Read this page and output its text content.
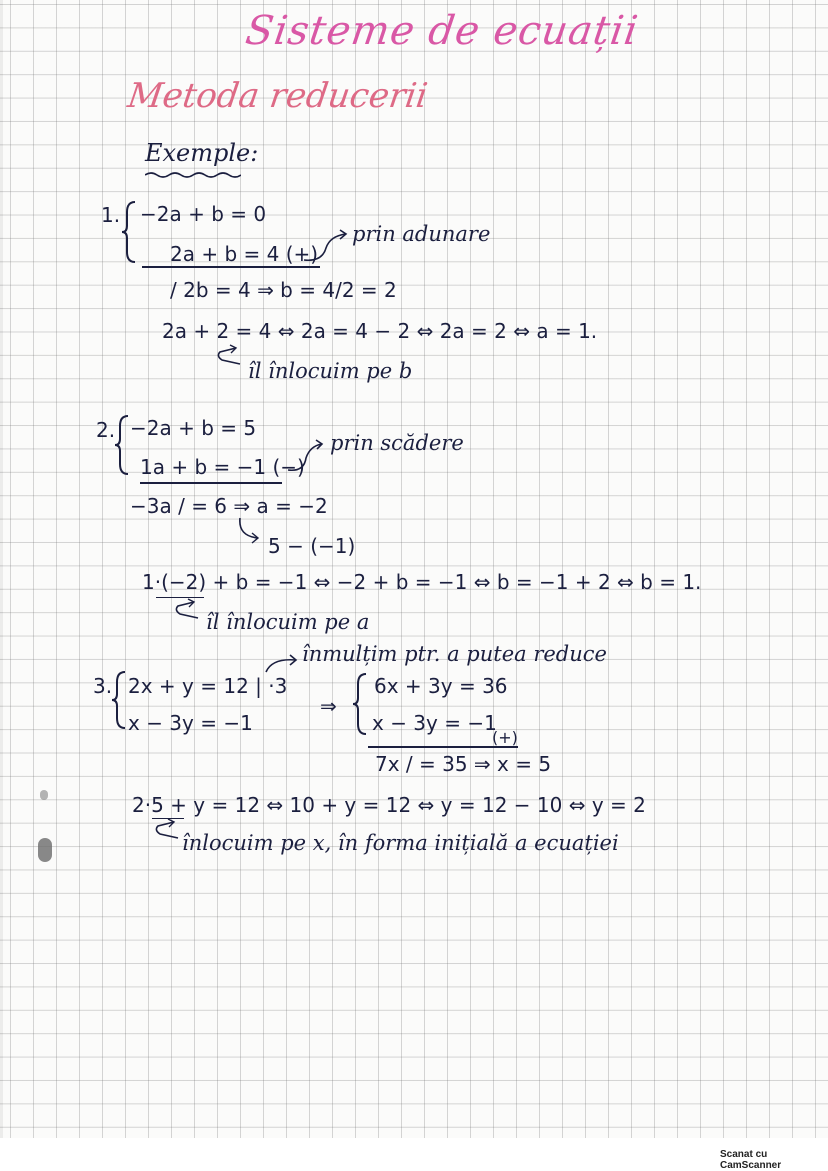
Sisteme de ecuații
Metoda reducerii
Exemple:
1. −2a + b = 0
2a + b = 4 (+)
prin adunare
/ 2b = 4 ⇒ b = 4/2 = 2
2a + 2 = 4 ⇔ 2a = 4 − 2 ⇔ 2a = 2 ⇔ a = 1.
îl înlocuim pe b
2. −2a + b = 5
1a + b = −1 (−)
prin scădere
−3a / = 6 ⇒ a = −2
5 − (−1)
1·(−2) + b = −1 ⇔ −2 + b = −1 ⇔ b = −1 + 2 ⇔ b = 1.
îl înlocuim pe a
3. 2x + y = 12 | ·3
x − 3y = −1
înmulțim ptr. a putea reduce
⇒
6x + 3y = 36
x − 3y = −1
(+)
7x / = 35 ⇒ x = 5
2·5 + y = 12 ⇔ 10 + y = 12 ⇔ y = 12 − 10 ⇔ y = 2
înlocuim pe x, în forma inițială a ecuației
Scanat cu CamScanner
